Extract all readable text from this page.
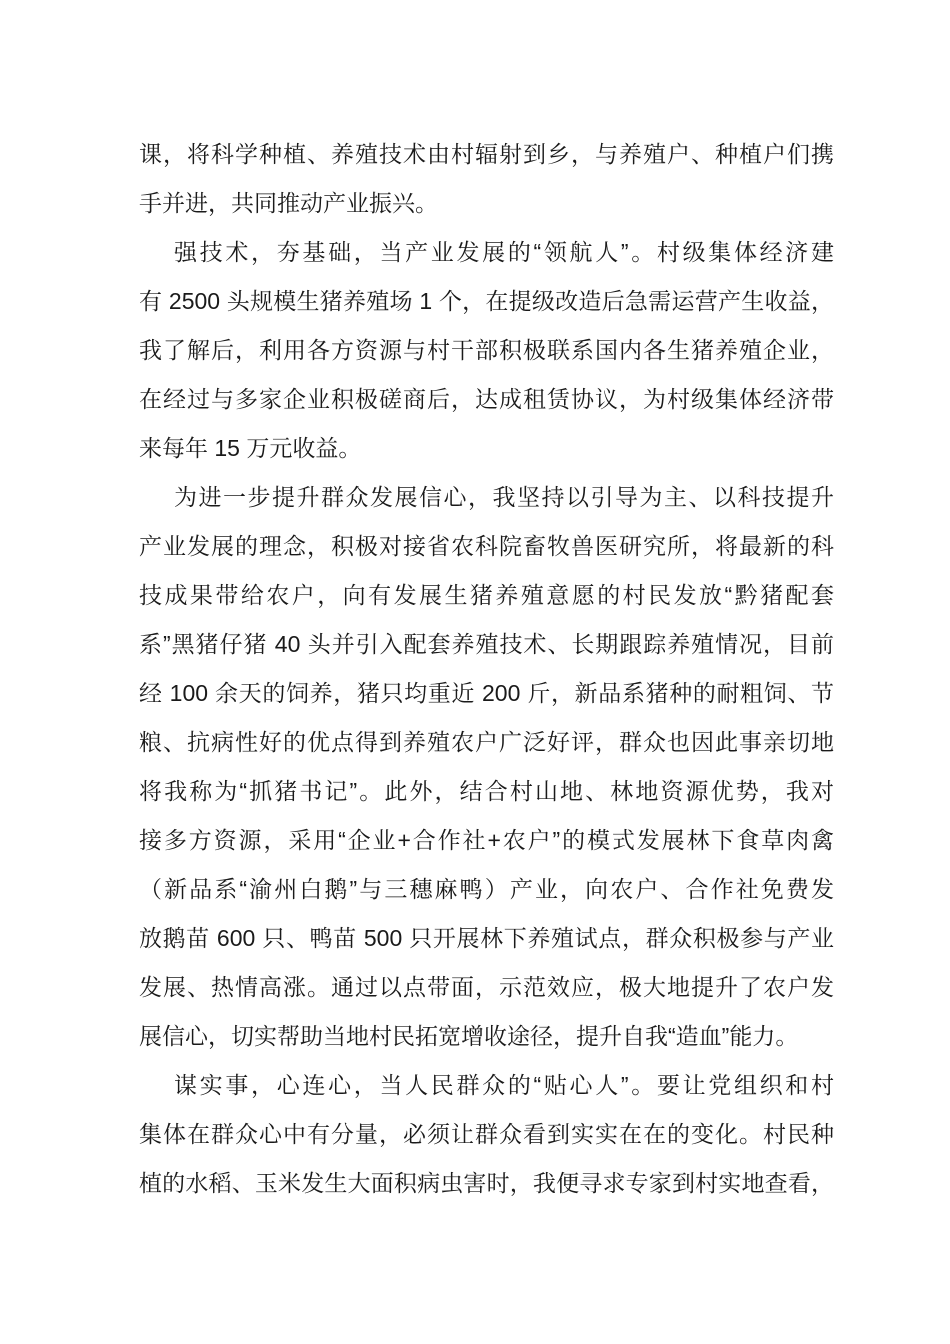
课，将科学种植、养殖技术由村辐射到乡，与养殖户、种植户们携
手并进，共同推动产业振兴。
强技术，夯基础，当产业发展的“领航人”。村级集体经济建
有 2500 头规模生猪养殖场 1 个，在提级改造后急需运营产生收益，
我了解后，利用各方资源与村干部积极联系国内各生猪养殖企业，
在经过与多家企业积极磋商后，达成租赁协议，为村级集体经济带
来每年 15 万元收益。
为进一步提升群众发展信心，我坚持以引导为主、以科技提升
产业发展的理念，积极对接省农科院畜牧兽医研究所，将最新的科
技成果带给农户，向有发展生猪养殖意愿的村民发放“黔猪配套
系”黑猪仔猪 40 头并引入配套养殖技术、长期跟踪养殖情况，目前
经 100 余天的饲养，猪只均重近 200 斤，新品系猪种的耐粗饲、节
粮、抗病性好的优点得到养殖农户广泛好评，群众也因此事亲切地
将我称为“抓猪书记”。此外，结合村山地、林地资源优势，我对
接多方资源，采用“企业+合作社+农户”的模式发展林下食草肉禽
（新品系“渝州白鹅”与三穗麻鸭）产业，向农户、合作社免费发
放鹅苗 600 只、鸭苗 500 只开展林下养殖试点，群众积极参与产业
发展、热情高涨。通过以点带面，示范效应，极大地提升了农户发
展信心，切实帮助当地村民拓宽增收途径，提升自我“造血”能力。
谋实事，心连心，当人民群众的“贴心人”。要让党组织和村
集体在群众心中有分量，必须让群众看到实实在在的变化。村民种
植的水稻、玉米发生大面积病虫害时，我便寻求专家到村实地查看，
